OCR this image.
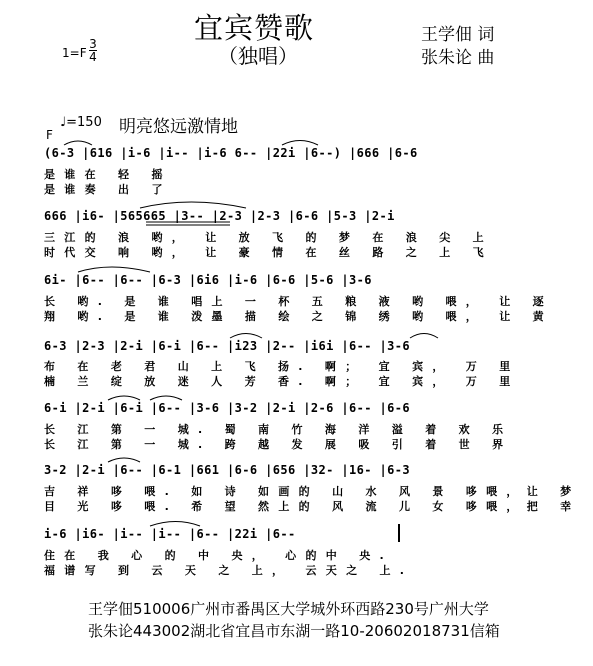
宜宾赞歌
（独唱）
王学佃 词
张朱论 曲
1=F
3
4
♩=150 明亮悠远激情地
F
(6-3 |616 |i-6 |i-- |i-6 6-- |22i |6--) |666 |6-6
是谁在 轻 摇
是谁奏 出 了
666 |i6- |565665 |3-- |2-3 |2-3 |6-6 |5-3 |2-i
三江的 浪 哟， 让 放 飞 的 梦 在 浪 尖 上
时代交 响 哟， 让 豪 情 在 丝 路 之 上 飞
6i- |6-- |6-- |6-3 |6i6 |i-6 |6-6 |5-6 |3-6
长 哟. 是 谁 唱上 一 杯 五 粮 液 哟 喂， 让 逐
翔 哟. 是 谁 泼墨 描 绘 之 锦 绣 哟 喂， 让 黄
6-3 |2-3 |2-i |6-i |6-- |i23 |2-- |i6i |6-- |3-6
布 在 老 君 山 上 飞 扬. 啊； 宜 宾， 万 里
楠 兰 绽 放 迷 人 芳 香. 啊； 宜 宾， 万 里
6-i |2-i |6-i |6-- |3-6 |3-2 |2-i |2-6 |6-- |6-6
长 江 第 一 城. 蜀 南 竹 海 洋 溢 着 欢 乐
长 江 第 一 城. 跨 越 发 展 吸 引 着 世 界
3-2 |2-i |6-- |6-1 |661 |6-6 |656 |32- |16- |6-3
吉 祥 哆 喂. 如 诗 如画的 山 水 风 景 哆喂，让 梦
目 光 哆 喂. 希 望 然上的 风 流 儿 女 哆喂，把 幸
i-6 |i6- |i-- |i-- |6-- |22i |6--
住在 我 心 的 中 央， 心的中 央.
福谱写 到 云 天 之 上， 云天之 上.
王学佃510006广州市番禺区大学城外环西路230号广州大学
张朱论443002湖北省宜昌市东湖一路10-20602018731信箱
